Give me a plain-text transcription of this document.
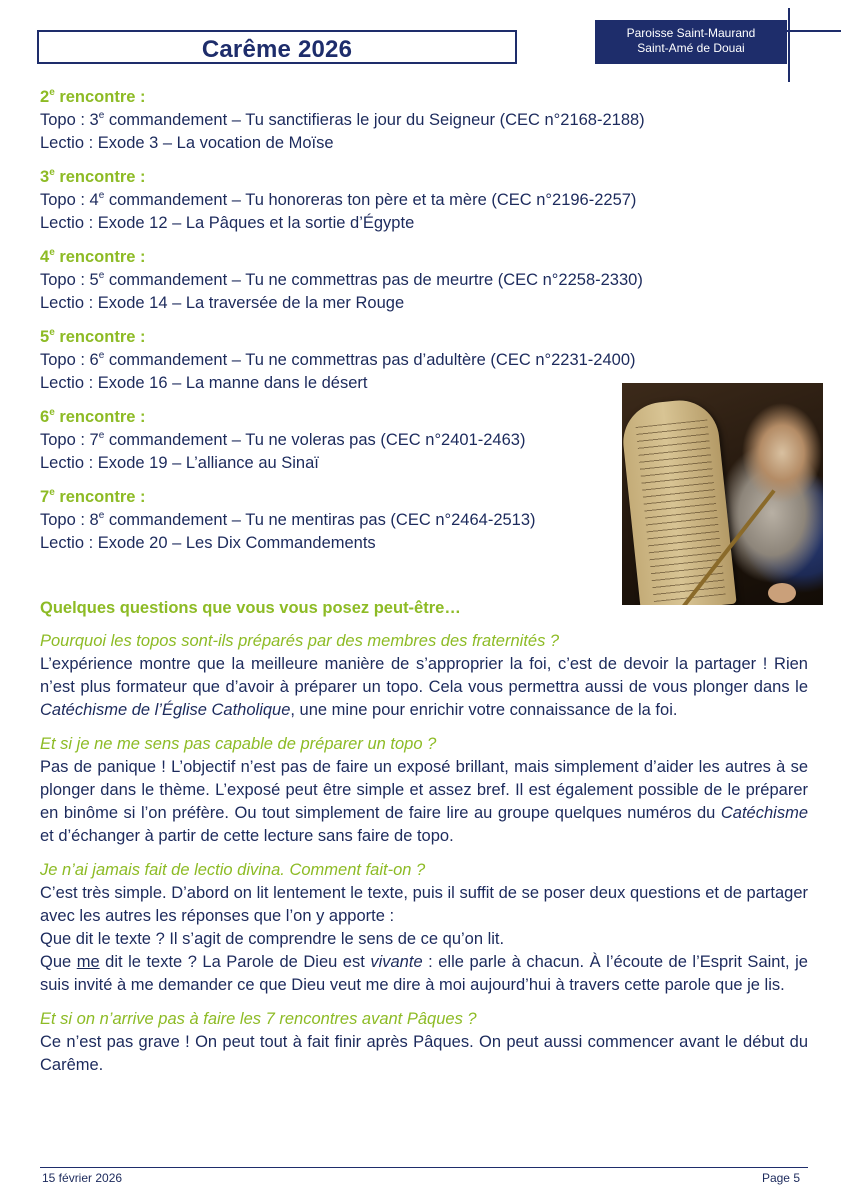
Carême 2026
Paroisse Saint-Maurand
Saint-Amé de Douai
2e rencontre :
Topo : 3e commandement – Tu sanctifieras le jour du Seigneur (CEC n°2168-2188)
Lectio : Exode 3 – La vocation de Moïse
3e rencontre :
Topo : 4e commandement – Tu honoreras ton père et ta mère (CEC n°2196-2257)
Lectio : Exode 12 – La Pâques et la sortie d’Égypte
4e rencontre :
Topo : 5e commandement – Tu ne commettras pas de meurtre (CEC n°2258-2330)
Lectio : Exode 14 – La traversée de la mer Rouge
5e rencontre :
Topo : 6e commandement – Tu ne commettras pas d’adultère (CEC n°2231-2400)
Lectio : Exode 16 – La manne dans le désert
6e rencontre :
Topo : 7e commandement – Tu ne voleras pas (CEC n°2401-2463)
Lectio : Exode 19 – L’alliance au Sinaï
7e rencontre :
Topo : 8e commandement – Tu ne mentiras pas (CEC n°2464-2513)
Lectio : Exode 20 – Les Dix Commandements
Quelques questions que vous vous posez peut-être…
Pourquoi les topos sont-ils préparés par des membres des fraternités ?
L’expérience montre que la meilleure manière de s’approprier la foi, c’est de devoir la partager ! Rien n’est plus formateur que d’avoir à préparer un topo. Cela vous permettra aussi de vous plonger dans le Catéchisme de l’Église Catholique, une mine pour enrichir votre connaissance de la foi.
Et si je ne me sens pas capable de préparer un topo ?
Pas de panique ! L’objectif n’est pas de faire un exposé brillant, mais simplement d’aider les autres à se plonger dans le thème. L’exposé peut être simple et assez bref. Il est également possible de le préparer en binôme si l’on préfère. Ou tout simplement de faire lire au groupe quelques numéros du Catéchisme et d’échanger à partir de cette lecture sans faire de topo.
Je n’ai jamais fait de lectio divina. Comment fait-on ?
C’est très simple. D’abord on lit lentement le texte, puis il suffit de se poser deux questions et de partager avec les autres les réponses que l’on y apporte :
Que dit le texte ? Il s’agit de comprendre le sens de ce qu’on lit.
Que me dit le texte ? La Parole de Dieu est vivante : elle parle à chacun. À l’écoute de l’Esprit Saint, je suis invité à me demander ce que Dieu veut me dire à moi aujourd’hui à travers cette parole que je lis.
Et si on n’arrive pas à faire les 7 rencontres avant Pâques ?
Ce n’est pas grave ! On peut tout à fait finir après Pâques. On peut aussi commencer avant le début du Carême.
15 février 2026	Page 5
